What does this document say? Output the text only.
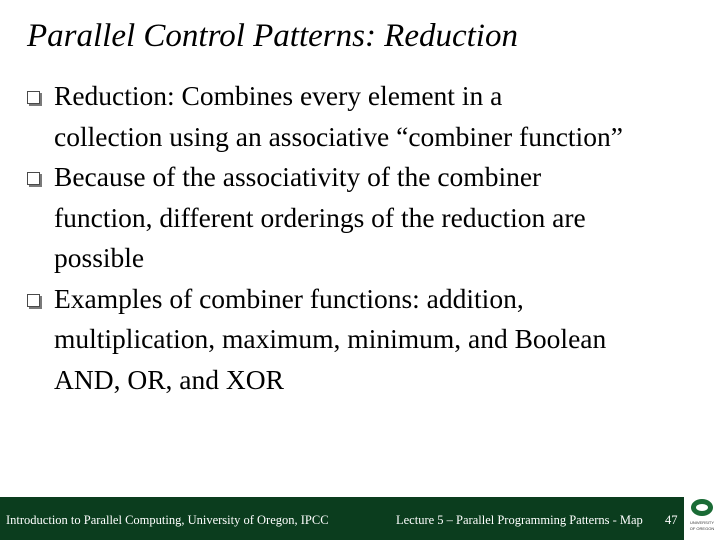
Parallel Control Patterns: Reduction
Reduction: Combines every element in a
collection using an associative “combiner function”
Because of the associativity of the combiner
function, different orderings of the reduction are
possible
Examples of combiner functions: addition,
multiplication, maximum, minimum, and Boolean
AND, OR, and XOR
Introduction to Parallel Computing, University of Oregon, IPCC	Lecture 5 – Parallel Programming Patterns - Map 47	UNIVERSITY
OF OREGON
